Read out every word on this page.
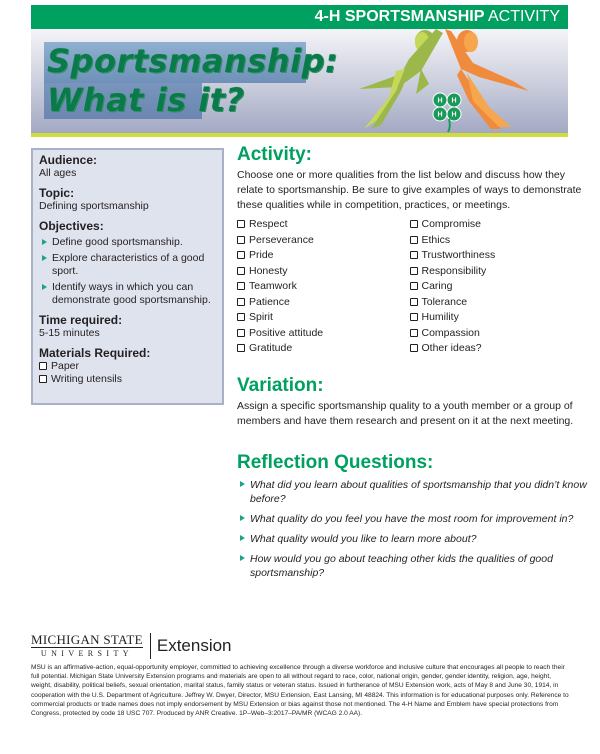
4-H SPORTSMANSHIP ACTIVITY
Sportsmanship:
What is it?	H H
H H
Audience:
All ages
Topic:
Defining sportsmanship
Objectives:
Define good sportsmanship.
Explore characteristics of a good sport.
Identify ways in which you can demonstrate good sportsmanship.
Time required:
5-15 minutes
Materials Required:
Paper
Writing utensils
Activity:

Choose one or more qualities from the list below and discuss how they relate to sportsmanship. Be sure to give examples of ways to demonstrate these qualities while in competition, practices, or meetings.

Respect
Perseverance
Pride
Honesty
Teamwork
Patience
Spirit
Positive attitude
Gratitude
Compromise
Ethics
Trustworthiness
Responsibility
Caring
Tolerance
Humility
Compassion
Other ideas?
Variation:

Assign a specific sportsmanship quality to a youth member or a group of members and have them research and present on it at the next meeting.

Reflection Questions:
What did you learn about qualities of sportsmanship that you didn’t know before?
What quality do you feel you have the most room for improvement in?
What quality would you like to learn more about?
How would you go about teaching other kids the qualities of good sportsmanship?
MICHIGAN STATE
UNIVERSITY	Extension
MSU is an affirmative-action, equal-opportunity employer, committed to achieving excellence through a diverse workforce and inclusive culture that encourages all people to reach their full potential. Michigan State University Extension programs and materials are open to all without regard to race, color, national origin, gender, gender identity, religion, age, height, weight, disability, political beliefs, sexual orientation, marital status, family status or veteran status. Issued in furtherance of MSU Extension work, acts of May 8 and June 30, 1914, in cooperation with the U.S. Department of Agriculture. Jeffrey W. Dwyer, Director, MSU Extension, East Lansing, MI 48824. This information is for educational purposes only. Reference to commercial products or trade names does not imply endorsement by MSU Extension or bias against those not mentioned. The 4-H Name and Emblem have special protections from Congress, protected by code 18 USC 707. Produced by ANR Creative. 1P–Web–3:2017–PA/MR (WCAG 2.0 AA).
